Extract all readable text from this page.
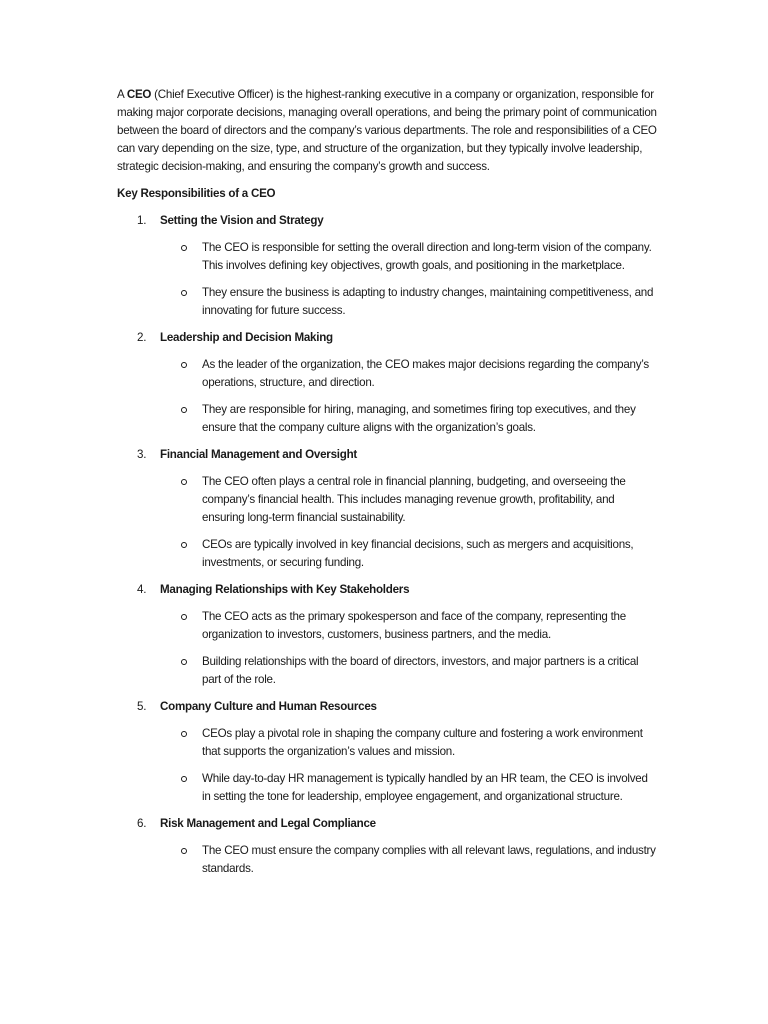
A CEO (Chief Executive Officer) is the highest-ranking executive in a company or organization, responsible for making major corporate decisions, managing overall operations, and being the primary point of communication between the board of directors and the company’s various departments. The role and responsibilities of a CEO can vary depending on the size, type, and structure of the organization, but they typically involve leadership, strategic decision-making, and ensuring the company’s growth and success.

Key Responsibilities of a CEO
1. Setting the Vision and Strategy
The CEO is responsible for setting the overall direction and long-term vision of the company. This involves defining key objectives, growth goals, and positioning in the marketplace.
They ensure the business is adapting to industry changes, maintaining competitiveness, and innovating for future success.
2. Leadership and Decision Making
As the leader of the organization, the CEO makes major decisions regarding the company’s operations, structure, and direction.
They are responsible for hiring, managing, and sometimes firing top executives, and they ensure that the company culture aligns with the organization’s goals.
3. Financial Management and Oversight
The CEO often plays a central role in financial planning, budgeting, and overseeing the company’s financial health. This includes managing revenue growth, profitability, and ensuring long-term financial sustainability.
CEOs are typically involved in key financial decisions, such as mergers and acquisitions, investments, or securing funding.
4. Managing Relationships with Key Stakeholders
The CEO acts as the primary spokesperson and face of the company, representing the organization to investors, customers, business partners, and the media.
Building relationships with the board of directors, investors, and major partners is a critical part of the role.
5. Company Culture and Human Resources
CEOs play a pivotal role in shaping the company culture and fostering a work environment that supports the organization’s values and mission.
While day-to-day HR management is typically handled by an HR team, the CEO is involved in setting the tone for leadership, employee engagement, and organizational structure.
6. Risk Management and Legal Compliance
The CEO must ensure the company complies with all relevant laws, regulations, and industry standards.
